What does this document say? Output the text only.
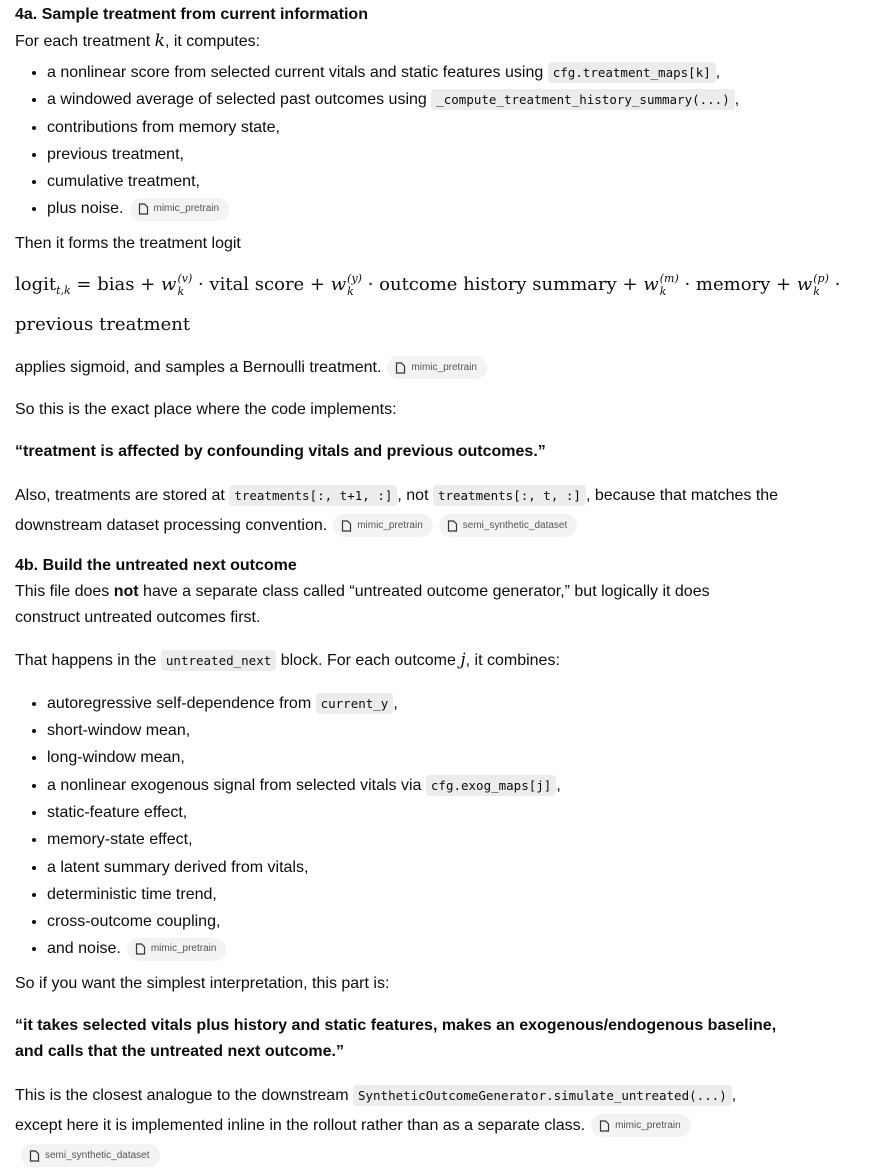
4a. Sample treatment from current information

For each treatment k, it computes:

• a nonlinear score from selected current vitals and static features using cfg.treatment_maps[k] ,
• a windowed average of selected past outcomes using _compute_treatment_history_summary(...) ,
• contributions from memory state,
• previous treatment,
• cumulative treatment,
• plus noise.	mimic_pretrain

Then it forms the treatment logit

logit$_{t,k}$ = bias + w (v)
k · vital score + w (y)
k · outcome history summary + w (m)
k · memory + w (p)
k · previous treatment

applies sigmoid, and samples a Bernoulli treatment.	mimic_pretrain

So this is the exact place where the code implements:

“treatment is affected by confounding vitals and previous outcomes.”

Also, treatments are stored at treatments[:, t+1, :] , not treatments[:, t, :] , because that matches the downstream dataset processing convention.	mimic_pretrain	semi_synthetic_dataset

4b. Build the untreated next outcome

This file does not have a separate class called “untreated outcome generator,” but logically it does construct untreated outcomes first.

That happens in the untreated_next block. For each outcome j, it combines:

• autoregressive self-dependence from current_y ,
• short-window mean,
• long-window mean,
• a nonlinear exogenous signal from selected vitals via cfg.exog_maps[j] ,
• static-feature effect,
• memory-state effect,
• a latent summary derived from vitals,
• deterministic time trend,
• cross-outcome coupling,
• and noise.	mimic_pretrain

So if you want the simplest interpretation, this part is:

“it takes selected vitals plus history and static features, makes an exogenous/endogenous baseline, and calls that the untreated next outcome.”

This is the closest analogue to the downstream SyntheticOutcomeGenerator.simulate_untreated(...) , except here it is implemented inline in the rollout rather than as a separate class.	mimic_pretrain
semi_synthetic_dataset
